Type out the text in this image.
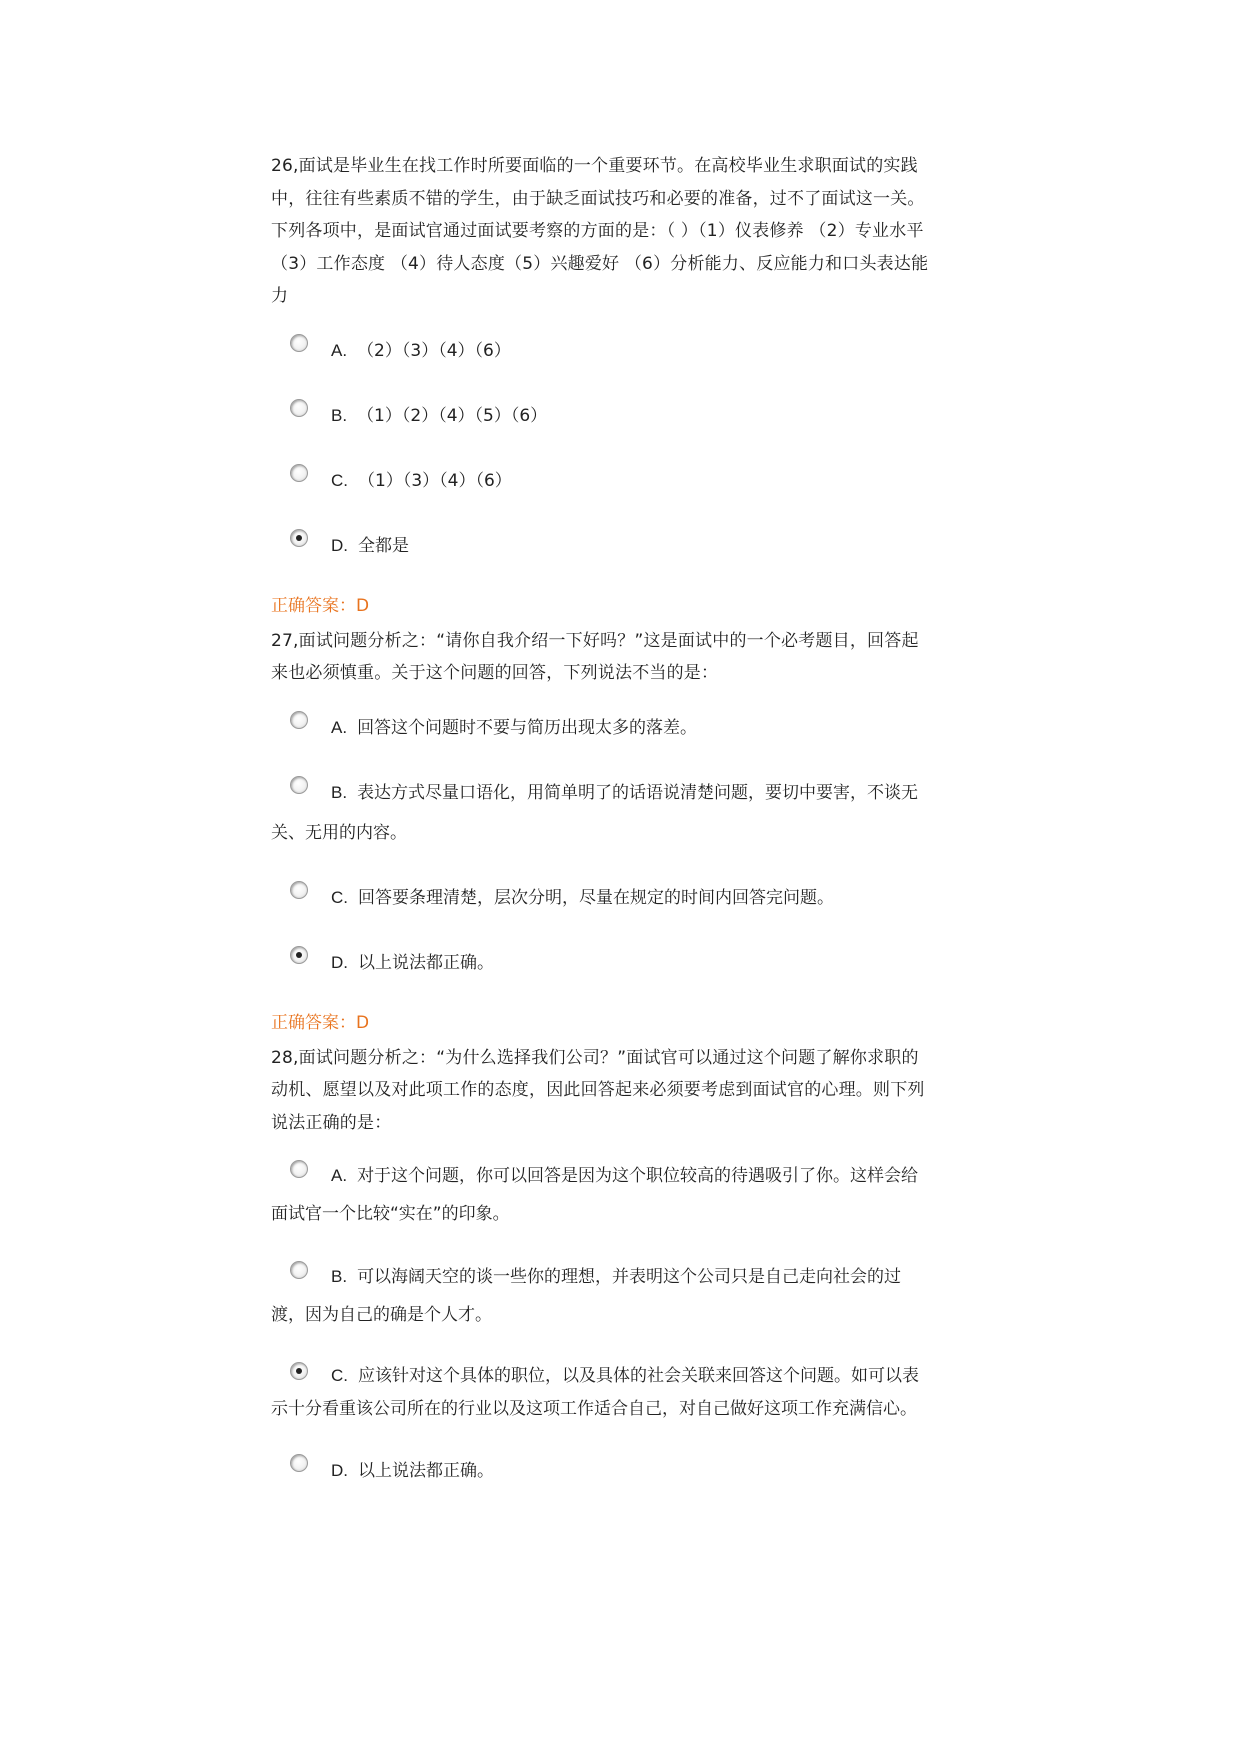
26,面试是毕业生在找工作时所要面临的一个重要环节。在高校毕业生求职面试的实践中，往往有些素质不错的学生，由于缺乏面试技巧和必要的准备，过不了面试这一关。下列各项中，是面试官通过面试要考察的方面的是：（ ）（1）仪表修养 （2）专业水平 （3）工作态度 （4）待人态度（5）兴趣爱好 （6）分析能力、反应能力和口头表达能力

A. （2）（3）（4）（6）
B. （1）（2）（4）（5）（6）
C. （1）（3）（4）（6）
D. 全都是
正确答案：D

27,面试问题分析之：“请你自我介绍一下好吗？”这是面试中的一个必考题目，回答起来也必须慎重。关于这个问题的回答，下列说法不当的是：

A. 回答这个问题时不要与简历出现太多的落差。
B. 表达方式尽量口语化，用简单明了的话语说清楚问题，要切中要害，不谈无关、无用的内容。
C. 回答要条理清楚，层次分明，尽量在规定的时间内回答完问题。
D. 以上说法都正确。
正确答案：D

28,面试问题分析之：“为什么选择我们公司？”面试官可以通过这个问题了解你求职的动机、愿望以及对此项工作的态度，因此回答起来必须要考虑到面试官的心理。则下列说法正确的是：

A. 对于这个问题，你可以回答是因为这个职位较高的待遇吸引了你。这样会给面试官一个比较“实在”的印象。
B. 可以海阔天空的谈一些你的理想，并表明这个公司只是自己走向社会的过渡，因为自己的确是个人才。
C. 应该针对这个具体的职位，以及具体的社会关联来回答这个问题。如可以表示十分看重该公司所在的行业以及这项工作适合自己，对自己做好这项工作充满信心。
D. 以上说法都正确。
